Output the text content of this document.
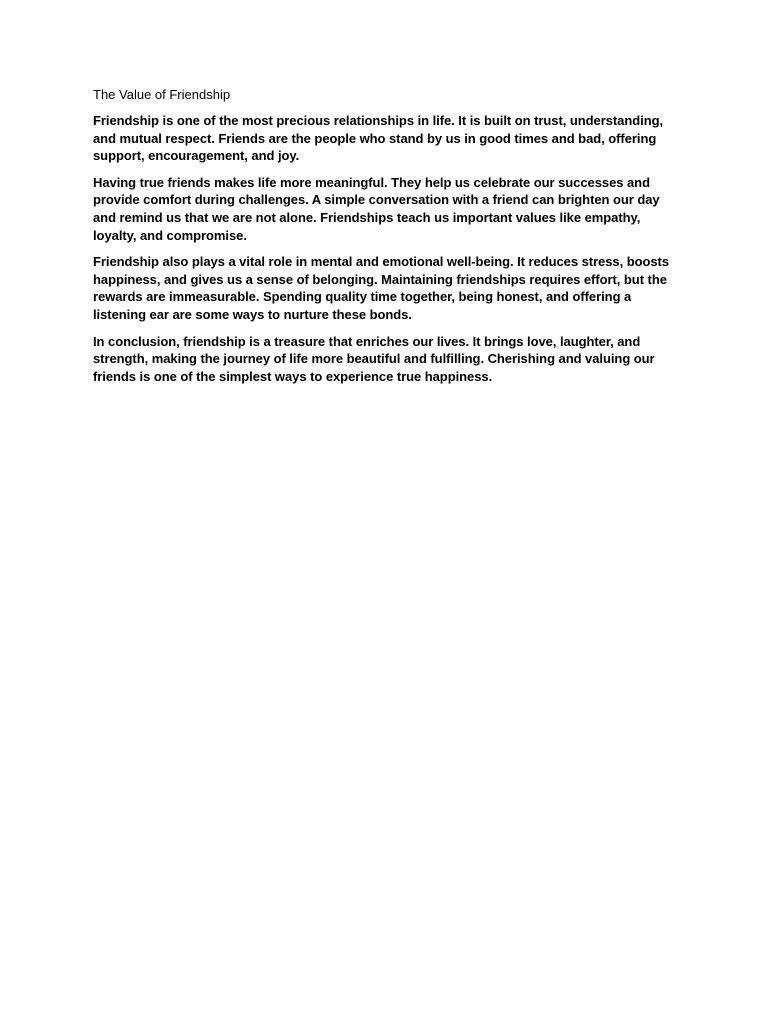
The Value of Friendship

Friendship is one of the most precious relationships in life. It is built on trust, understanding, and mutual respect. Friends are the people who stand by us in good times and bad, offering support, encouragement, and joy.

Having true friends makes life more meaningful. They help us celebrate our successes and provide comfort during challenges. A simple conversation with a friend can brighten our day and remind us that we are not alone. Friendships teach us important values like empathy, loyalty, and compromise.

Friendship also plays a vital role in mental and emotional well-being. It reduces stress, boosts happiness, and gives us a sense of belonging. Maintaining friendships requires effort, but the rewards are immeasurable. Spending quality time together, being honest, and offering a listening ear are some ways to nurture these bonds.

In conclusion, friendship is a treasure that enriches our lives. It brings love, laughter, and strength, making the journey of life more beautiful and fulfilling. Cherishing and valuing our friends is one of the simplest ways to experience true happiness.
